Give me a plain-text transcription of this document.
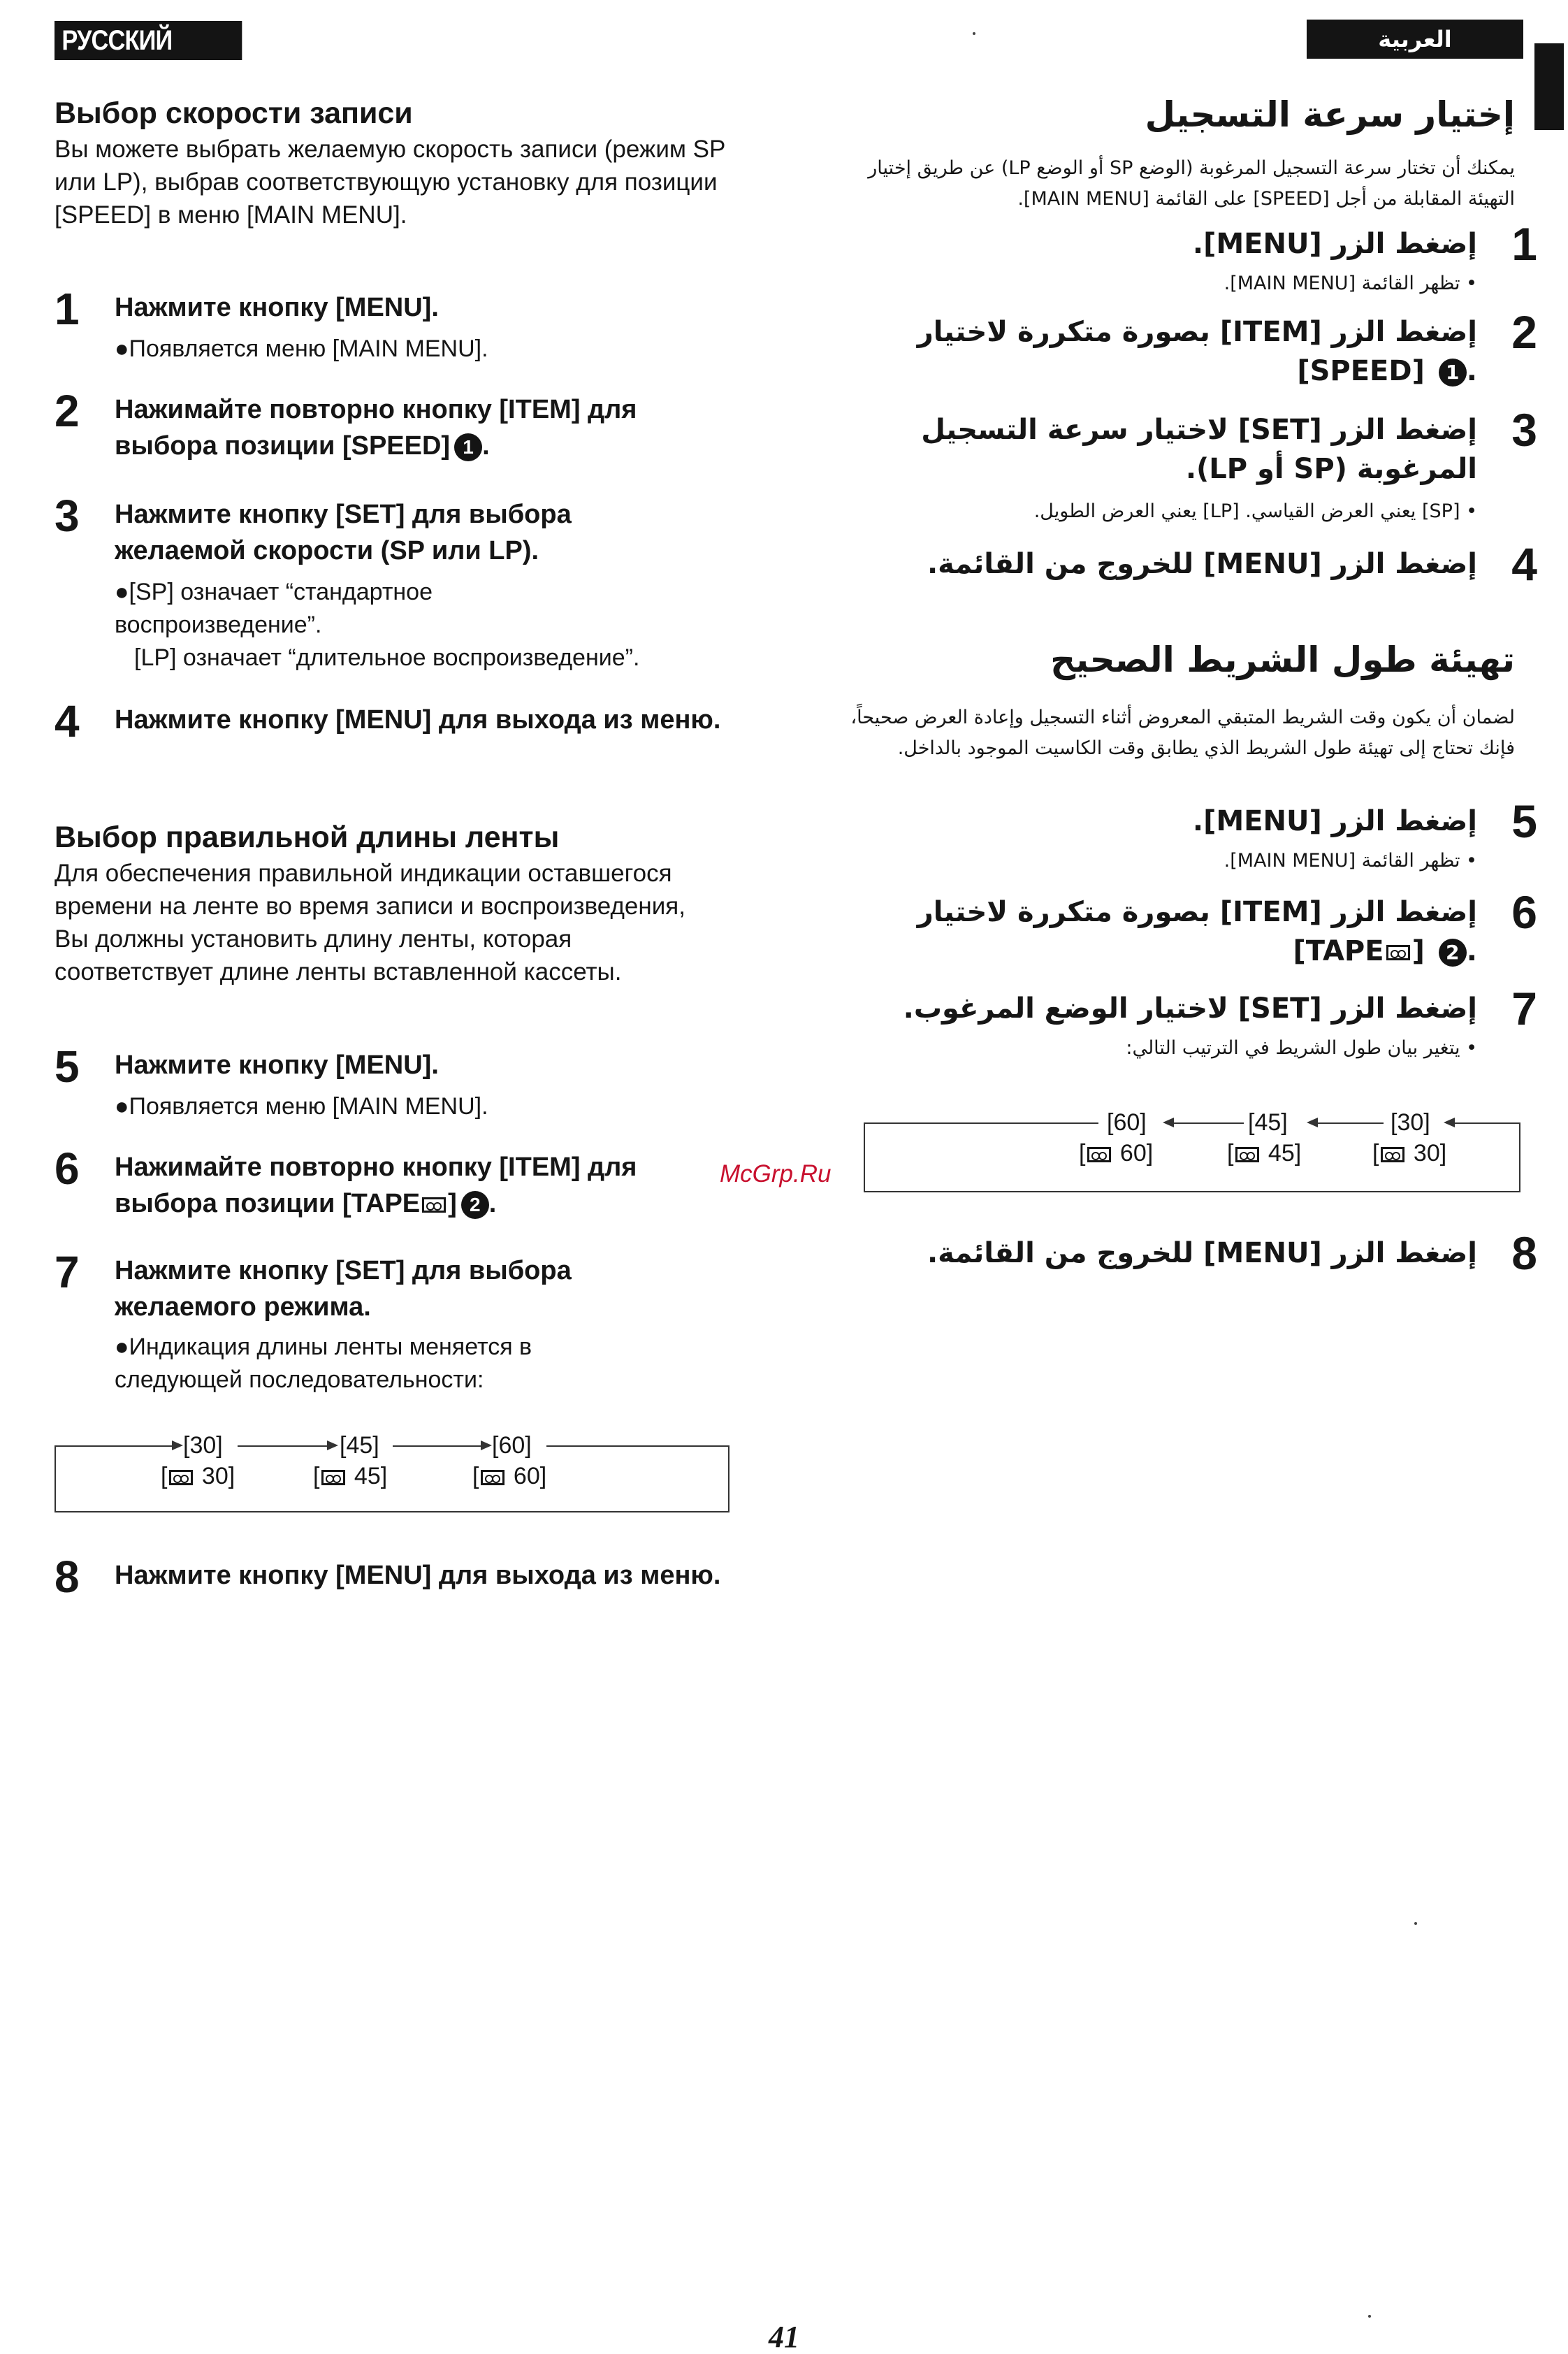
РУССКИЙ ЯЗЫК
العربية
Выбор скорости записи
Вы можете выбрать желаемую скорость записи (режим SP или LP), выбрав соответствующую установку для позиции [SPEED] в меню [MAIN MENU].
1 Нажмите кнопку [MENU].
●Появляется меню [MAIN MENU].
2 Нажимайте повторно кнопку [ITEM] для выбора позиции [SPEED] 1 .
3 Нажмите кнопку [SET] для выбора желаемой скорости (SP или LP).
●[SP] означает “стандартное воспроизведение”.
[LP] означает “длительное воспроизведение”.
4 Нажмите кнопку [MENU] для выхода из меню.
Выбор правильной длины ленты
Для обеспечения правильной индикации оставшегося времени на ленте во время записи и воспроизведения, Вы должны установить длину ленты, которая соответствует длине ленты вставленной кассеты.
5 Нажмите кнопку [MENU].
●Появляется меню [MAIN MENU].
6 Нажимайте повторно кнопку [ITEM] для выбора позиции [TAPE ] 2 .
7 Нажмите кнопку [SET] для выбора желаемого режима.
●Индикация длины ленты меняется в следующей последовательности:
[30]	[45]	[60]
[ 30]	[ 45]	[ 60]
8 Нажмите кнопку [MENU] для выхода из меню.
إختيار سرعة التسجيل
يمكنك أن تختار سرعة التسجيل المرغوبة (الوضع SP أو الوضع LP) عن طريق إختيار
التهيئة المقابلة من أجل [SPEED] على القائمة [MAIN MENU].
1
إضغط الزر [MENU].
• تظهر القائمة [MAIN MENU].
2
إضغط الزر [ITEM] بصورة متكررة لاختيار
.1 [SPEED]
3
إضغط الزر [SET] لاختيار سرعة التسجيل
المرغوبة (SP أو LP).
• [SP] يعني العرض القياسي. [LP] يعني العرض الطويل.
4
إضغط الزر [MENU] للخروج من القائمة.
تهيئة طول الشريط الصحيح
لضمان أن يكون وقت الشريط المتبقي المعروض أثناء التسجيل وإعادة العرض صحيحاً،
فإنك تحتاج إلى تهيئة طول الشريط الذي يطابق وقت الكاسيت الموجود بالداخل.
5
إضغط الزر [MENU].
• تظهر القائمة [MAIN MENU].
6
إضغط الزر [ITEM] بصورة متكررة لاختيار
.2 [TAPE ]
7
إضغط الزر [SET] لاختيار الوضع المرغوب.
• يتغير بيان طول الشريط في الترتيب التالي:
[60]	[45]	[30]
[ 60]	[ 45]	[ 30]
8
إضغط الزر [MENU] للخروج من القائمة.
McGrp.Ru
41
